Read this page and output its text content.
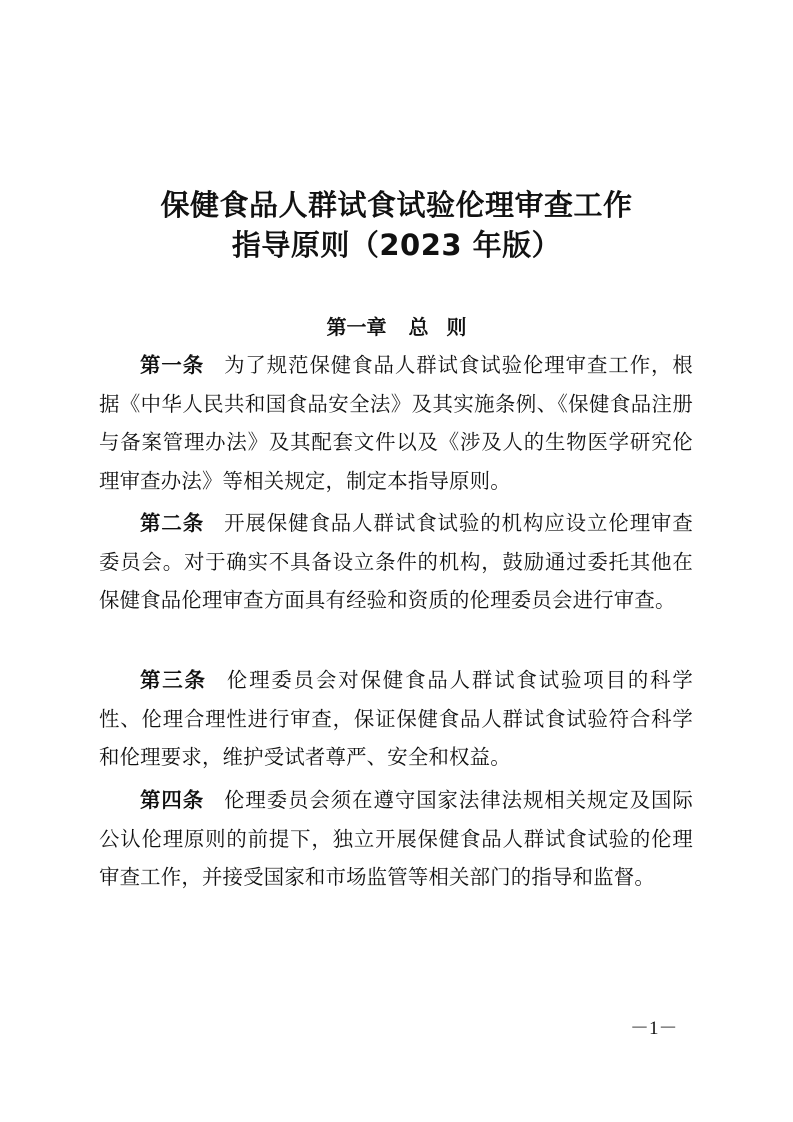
保健食品人群试食试验伦理审查工作
指导原则（2023 年版）
第一章 总 则

第一条 为了规范保健食品人群试食试验伦理审查工作，根据《中华人民共和国食品安全法》及其实施条例、《保健食品注册与备案管理办法》及其配套文件以及《涉及人的生物医学研究伦理审查办法》等相关规定，制定本指导原则。

第二条 开展保健食品人群试食试验的机构应设立伦理审查委员会。对于确实不具备设立条件的机构，鼓励通过委托其他在保健食品伦理审查方面具有经验和资质的伦理委员会进行审查。

第三条 伦理委员会对保健食品人群试食试验项目的科学性、伦理合理性进行审查，保证保健食品人群试食试验符合科学和伦理要求，维护受试者尊严、安全和权益。

第四条 伦理委员会须在遵守国家法律法规相关规定及国际公认伦理原则的前提下，独立开展保健食品人群试食试验的伦理审查工作，并接受国家和市场监管等相关部门的指导和监督。

－1－
